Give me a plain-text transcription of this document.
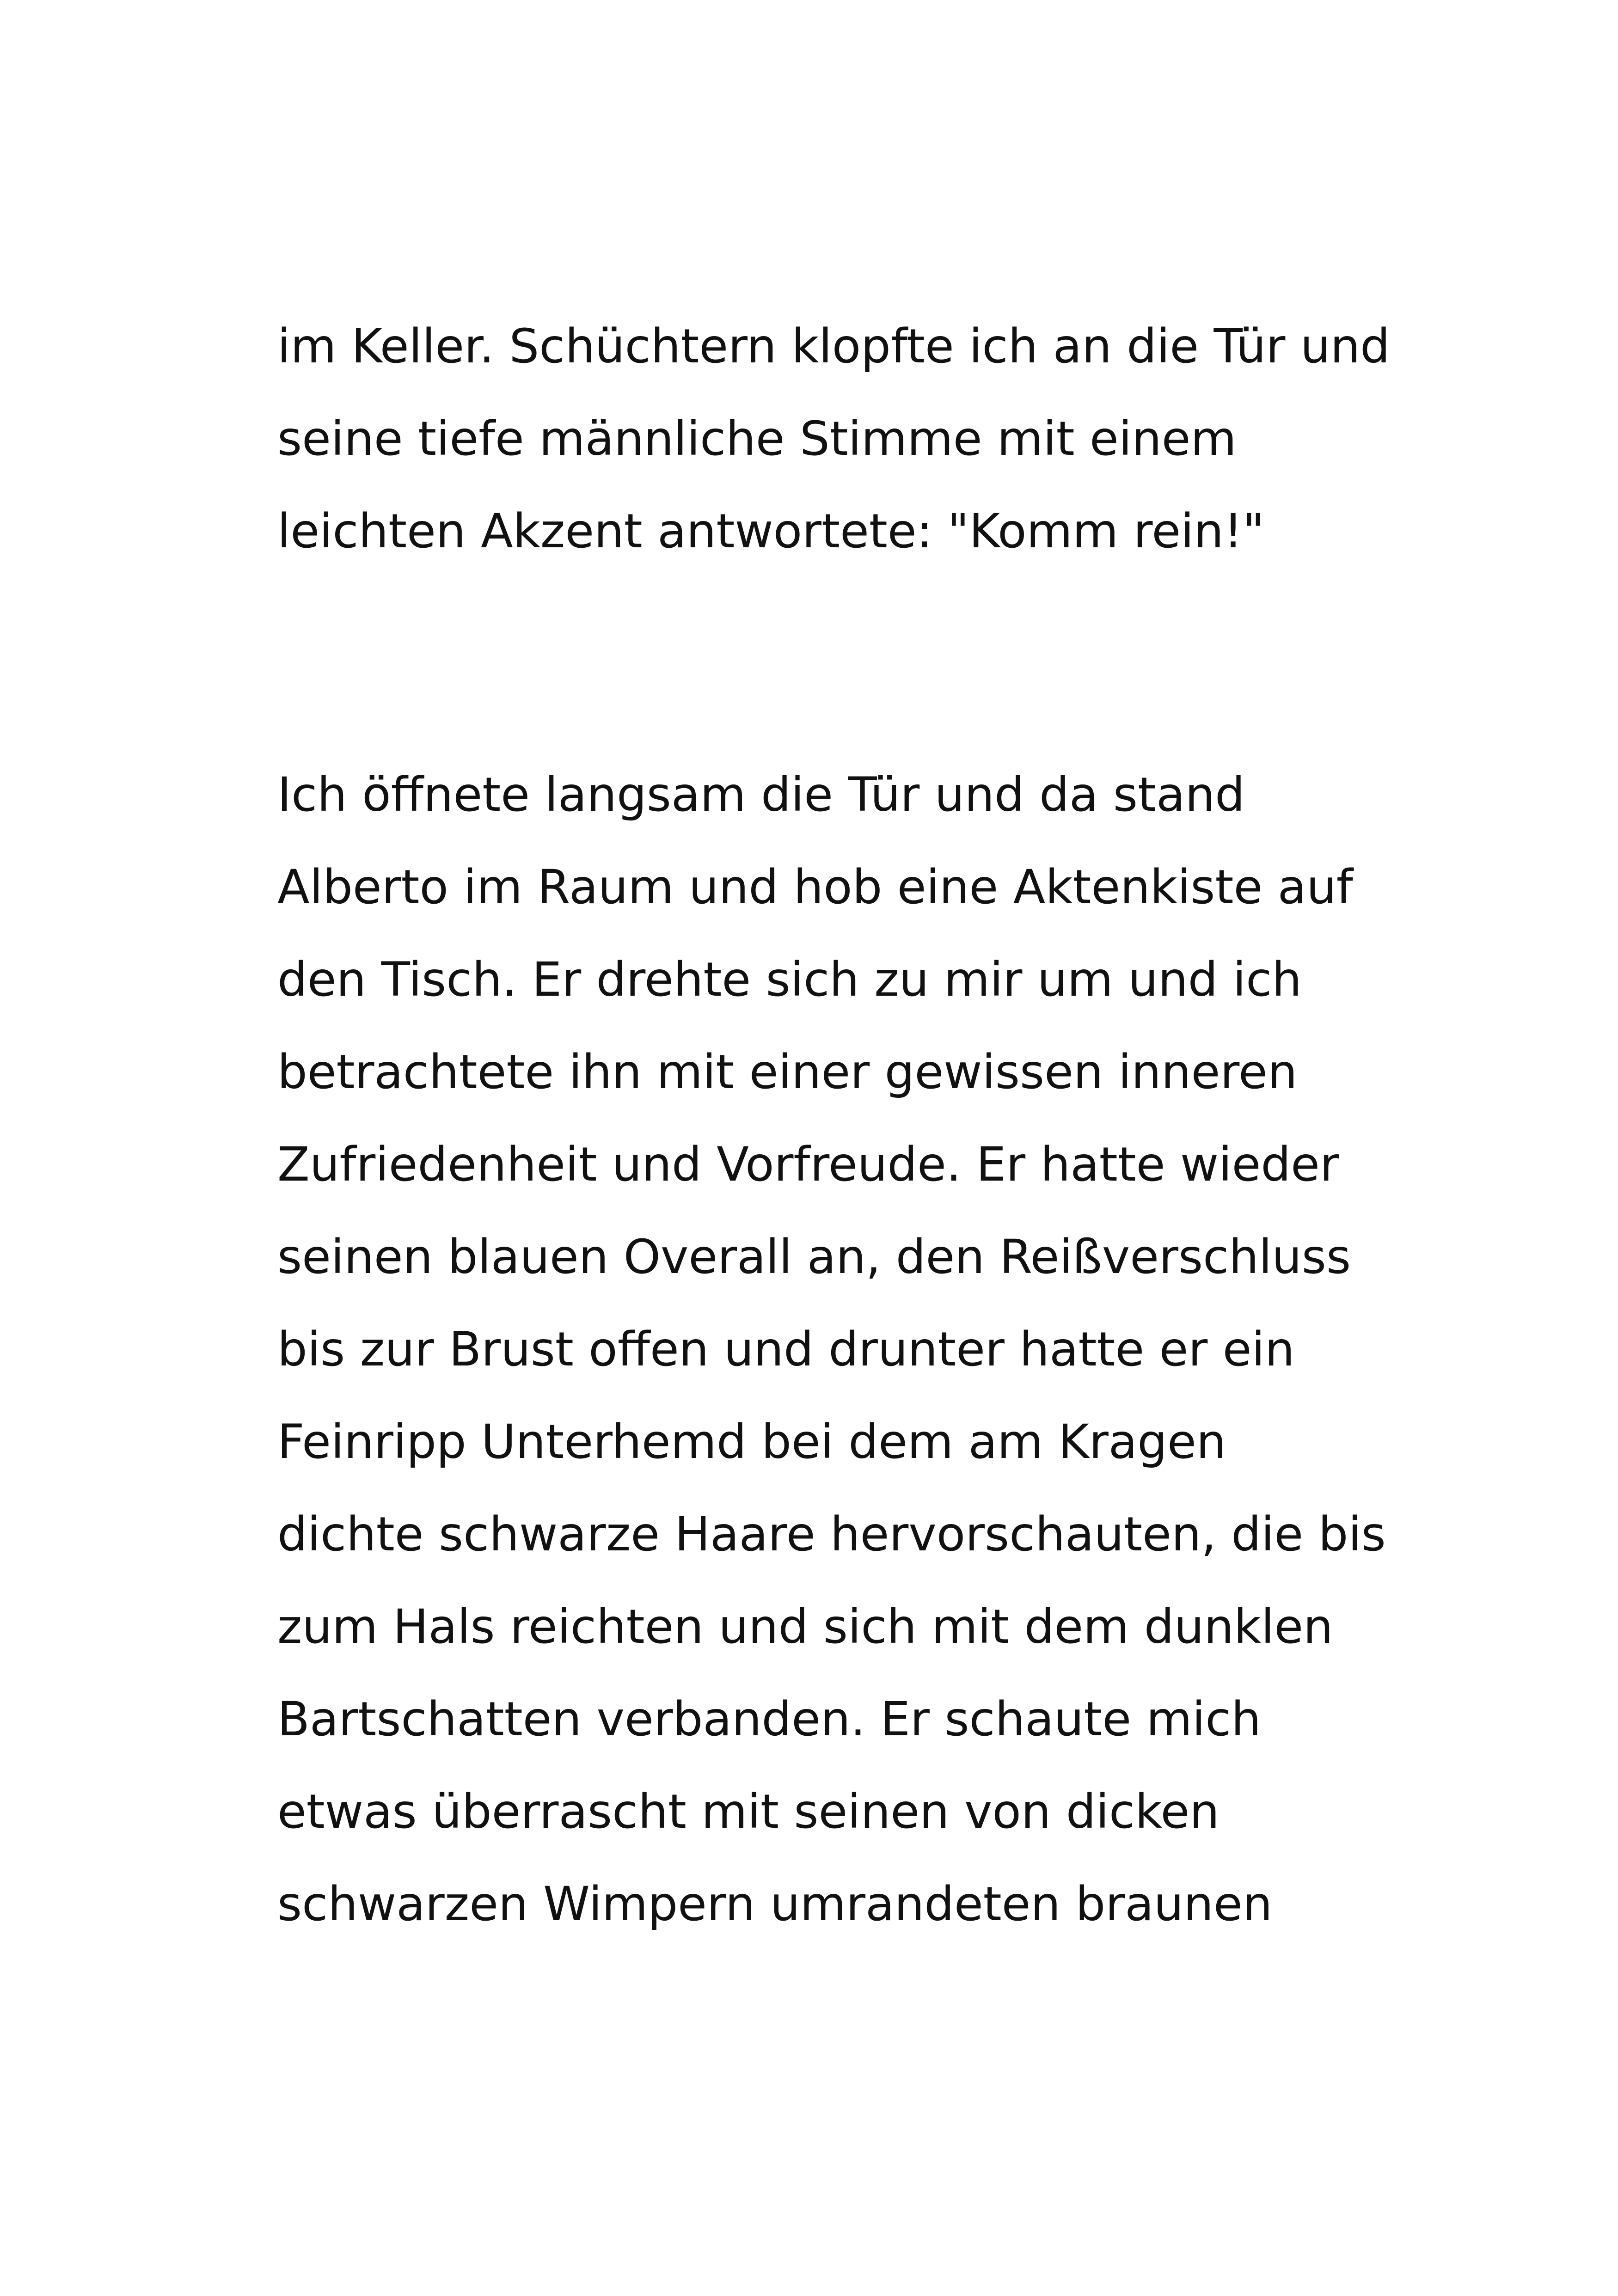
im Keller. Schüchtern klopfte ich an die Tür und
seine tiefe männliche Stimme mit einem
leichten Akzent antwortete: "Komm rein!"
Ich öffnete langsam die Tür und da stand
Alberto im Raum und hob eine Aktenkiste auf
den Tisch. Er drehte sich zu mir um und ich
betrachtete ihn mit einer gewissen inneren
Zufriedenheit und Vorfreude. Er hatte wieder
seinen blauen Overall an, den Reißverschluss
bis zur Brust offen und drunter hatte er ein
Feinripp Unterhemd bei dem am Kragen
dichte schwarze Haare hervorschauten, die bis
zum Hals reichten und sich mit dem dunklen
Bartschatten verbanden. Er schaute mich
etwas überrascht mit seinen von dicken
schwarzen Wimpern umrandeten braunen
